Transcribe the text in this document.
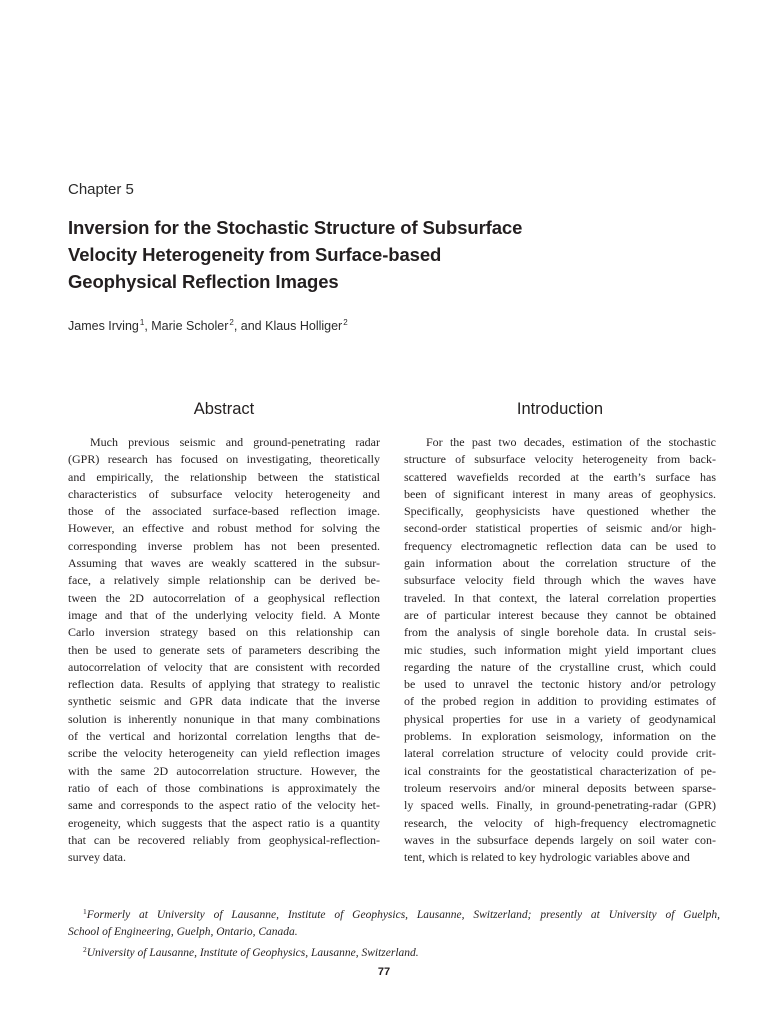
Chapter 5
Inversion for the Stochastic Structure of Subsurface
Velocity Heterogeneity from Surface-based
Geophysical Reflection Images
James Irving$^1$, Marie Scholer$^2$, and Klaus Holliger$^2$
Abstract

Much previous seismic and ground-penetrating radar
(GPR) research has focused on investigating, theoretically
and empirically, the relationship between the statistical
characteristics of subsurface velocity heterogeneity and
those of the associated surface-based reflection image.
However, an effective and robust method for solving the
corresponding inverse problem has not been presented.
Assuming that waves are weakly scattered in the subsur-
face, a relatively simple relationship can be derived be-
tween the 2D autocorrelation of a geophysical reflection
image and that of the underlying velocity field. A Monte
Carlo inversion strategy based on this relationship can
then be used to generate sets of parameters describing the
autocorrelation of velocity that are consistent with recorded
reflection data. Results of applying that strategy to realistic
synthetic seismic and GPR data indicate that the inverse
solution is inherently nonunique in that many combinations
of the vertical and horizontal correlation lengths that de-
scribe the velocity heterogeneity can yield reflection images
with the same 2D autocorrelation structure. However, the
ratio of each of those combinations is approximately the
same and corresponds to the aspect ratio of the velocity het-
erogeneity, which suggests that the aspect ratio is a quantity
that can be recovered reliably from geophysical-reflection-
survey data.

Introduction

For the past two decades, estimation of the stochastic
structure of subsurface velocity heterogeneity from back-
scattered wavefields recorded at the earth’s surface has
been of significant interest in many areas of geophysics.
Specifically, geophysicists have questioned whether the
second-order statistical properties of seismic and/or high-
frequency electromagnetic reflection data can be used to
gain information about the correlation structure of the
subsurface velocity field through which the waves have
traveled. In that context, the lateral correlation properties
are of particular interest because they cannot be obtained
from the analysis of single borehole data. In crustal seis-
mic studies, such information might yield important clues
regarding the nature of the crystalline crust, which could
be used to unravel the tectonic history and/or petrology
of the probed region in addition to providing estimates of
physical properties for use in a variety of geodynamical
problems. In exploration seismology, information on the
lateral correlation structure of velocity could provide crit-
ical constraints for the geostatistical characterization of pe-
troleum reservoirs and/or mineral deposits between sparse-
ly spaced wells. Finally, in ground-penetrating-radar (GPR)
research, the velocity of high-frequency electromagnetic
waves in the subsurface depends largely on soil water con-
tent, which is related to key hydrologic variables above and

$^1$Formerly at University of Lausanne, Institute of Geophysics, Lausanne, Switzerland; presently at University of Guelph,
School of Engineering, Guelph, Ontario, Canada.
$^2$University of Lausanne, Institute of Geophysics, Lausanne, Switzerland.
77
